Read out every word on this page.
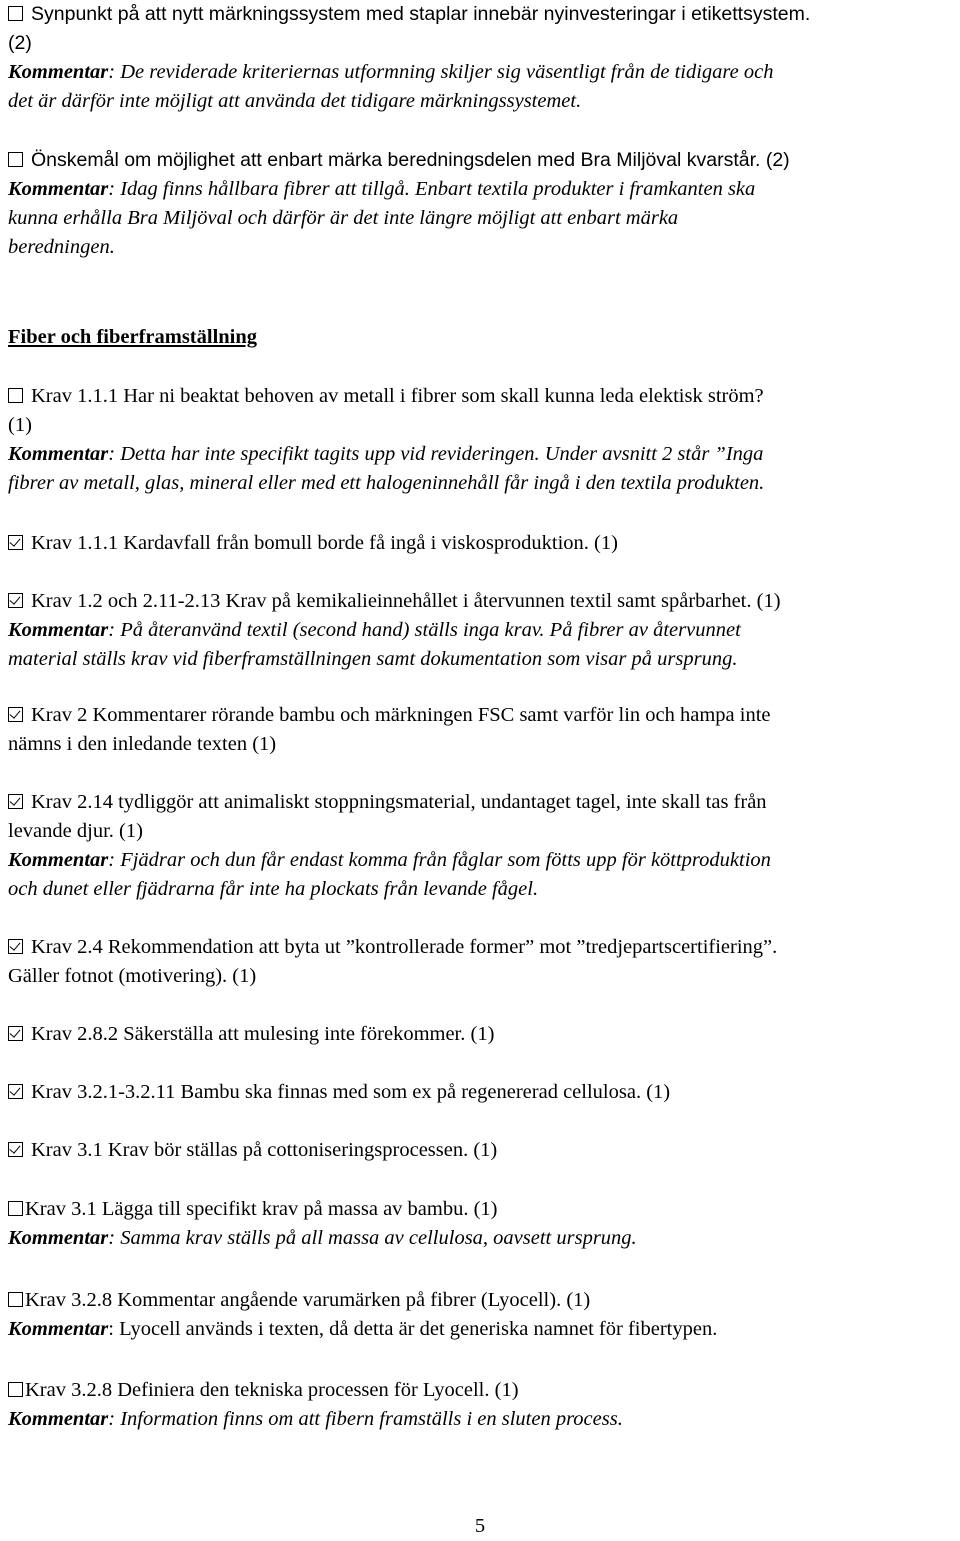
Synpunkt på att nytt märkningssystem med staplar innebär nyinvesteringar i etikettsystem.
(2)
Kommentar: De reviderade kriteriernas utformning skiljer sig väsentligt från de tidigare och
det är därför inte möjligt att använda det tidigare märkningssystemet.
Önskemål om möjlighet att enbart märka beredningsdelen med Bra Miljöval kvarstår. (2)
Kommentar: Idag finns hållbara fibrer att tillgå. Enbart textila produkter i framkanten ska
kunna erhålla Bra Miljöval och därför är det inte längre möjligt att enbart märka
beredningen.
Fiber och fiberframställning
Krav 1.1.1 Har ni beaktat behoven av metall i fibrer som skall kunna leda elektisk ström?
(1)
Kommentar: Detta har inte specifikt tagits upp vid revideringen. Under avsnitt 2 står ”Inga
fibrer av metall, glas, mineral eller med ett halogeninnehåll får ingå i den textila produkten.
Krav 1.1.1 Kardavfall från bomull borde få ingå i viskosproduktion. (1)
Krav 1.2 och 2.11-2.13 Krav på kemikalieinnehållet i återvunnen textil samt spårbarhet. (1)
Kommentar: På återanvänd textil (second hand) ställs inga krav. På fibrer av återvunnet
material ställs krav vid fiberframställningen samt dokumentation som visar på ursprung.
Krav 2 Kommentarer rörande bambu och märkningen FSC samt varför lin och hampa inte
nämns i den inledande texten (1)
Krav 2.14 tydliggör att animaliskt stoppningsmaterial, undantaget tagel, inte skall tas från
levande djur. (1)
Kommentar: Fjädrar och dun får endast komma från fåglar som fötts upp för köttproduktion
och dunet eller fjädrarna får inte ha plockats från levande fågel.
Krav 2.4 Rekommendation att byta ut ”kontrollerade former” mot ”tredjepartscertifiering”.
Gäller fotnot (motivering). (1)
Krav 2.8.2 Säkerställa att mulesing inte förekommer. (1)
Krav 3.2.1-3.2.11 Bambu ska finnas med som ex på regenererad cellulosa. (1)
Krav 3.1 Krav bör ställas på cottoniseringsprocessen. (1)
Krav 3.1 Lägga till specifikt krav på massa av bambu. (1)
Kommentar: Samma krav ställs på all massa av cellulosa, oavsett ursprung.
Krav 3.2.8 Kommentar angående varumärken på fibrer (Lyocell). (1)
Kommentar: Lyocell används i texten, då detta är det generiska namnet för fibertypen.
Krav 3.2.8 Definiera den tekniska processen för Lyocell. (1)
Kommentar: Information finns om att fibern framställs i en sluten process.
5
